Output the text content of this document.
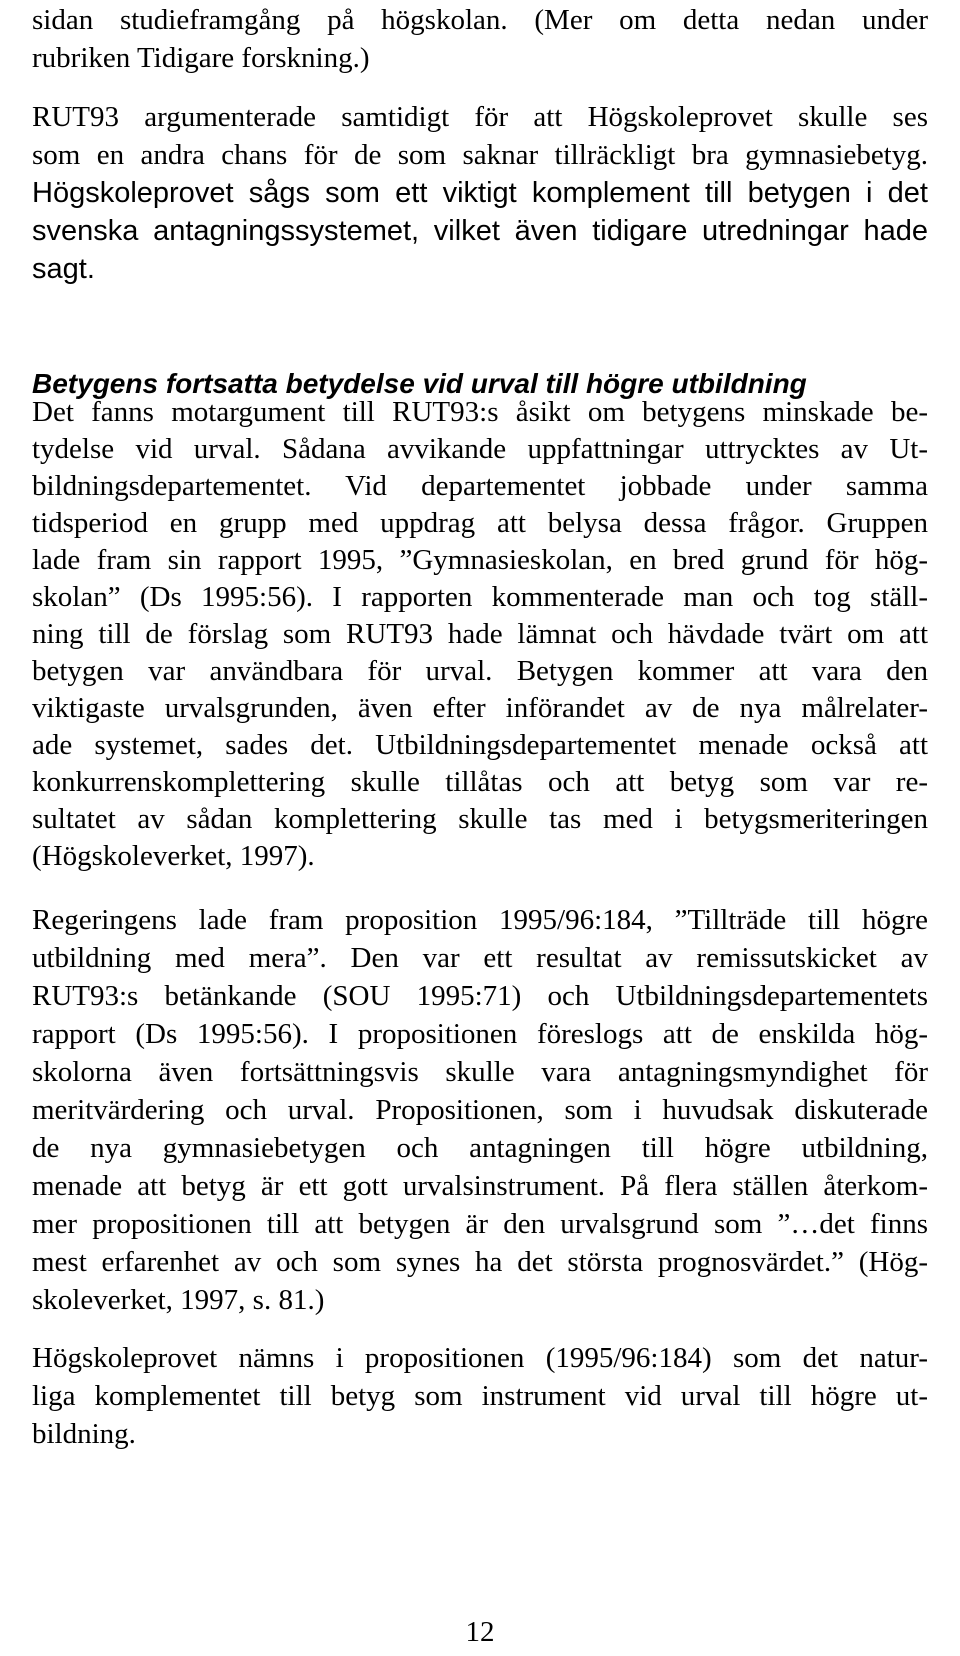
sidan studieframgång på högskolan. (Mer om detta nedan under
rubriken Tidigare forskning.)
RUT93 argumenterade samtidigt för att Högskoleprovet skulle ses
som en andra chans för de som saknar tillräckligt bra gymnasiebetyg.
Högskoleprovet sågs som ett viktigt komplement till betygen i det
svenska antagningssystemet, vilket även tidigare utredningar hade
sagt.
Betygens fortsatta betydelse vid urval till högre utbildning
Det fanns motargument till RUT93:s åsikt om betygens minskade be-
tydelse vid urval. Sådana avvikande uppfattningar uttrycktes av Ut-
bildningsdepartementet. Vid departementet jobbade under samma
tidsperiod en grupp med uppdrag att belysa dessa frågor. Gruppen
lade fram sin rapport 1995, ”Gymnasieskolan, en bred grund för hög-
skolan” (Ds 1995:56). I rapporten kommenterade man och tog ställ-
ning till de förslag som RUT93 hade lämnat och hävdade tvärt om att
betygen var användbara för urval. Betygen kommer att vara den
viktigaste urvalsgrunden, även efter införandet av de nya målrelater-
ade systemet, sades det. Utbildningsdepartementet menade också att
konkurrenskomplettering skulle tillåtas och att betyg som var re-
sultatet av sådan komplettering skulle tas med i betygsmeriteringen
(Högskoleverket, 1997).
Regeringens lade fram proposition 1995/96:184, ”Tillträde till högre
utbildning med mera”. Den var ett resultat av remissutskicket av
RUT93:s betänkande (SOU 1995:71) och Utbildningsdepartementets
rapport (Ds 1995:56). I propositionen föreslogs att de enskilda hög-
skolorna även fortsättningsvis skulle vara antagningsmyndighet för
meritvärdering och urval. Propositionen, som i huvudsak diskuterade
de nya gymnasiebetygen och antagningen till högre utbildning,
menade att betyg är ett gott urvalsinstrument. På flera ställen återkom-
mer propositionen till att betygen är den urvalsgrund som ”…det finns
mest erfarenhet av och som synes ha det största prognosvärdet.” (Hög-
skoleverket, 1997, s. 81.)
Högskoleprovet nämns i propositionen (1995/96:184) som det natur-
liga komplementet till betyg som instrument vid urval till högre ut-
bildning.
12
